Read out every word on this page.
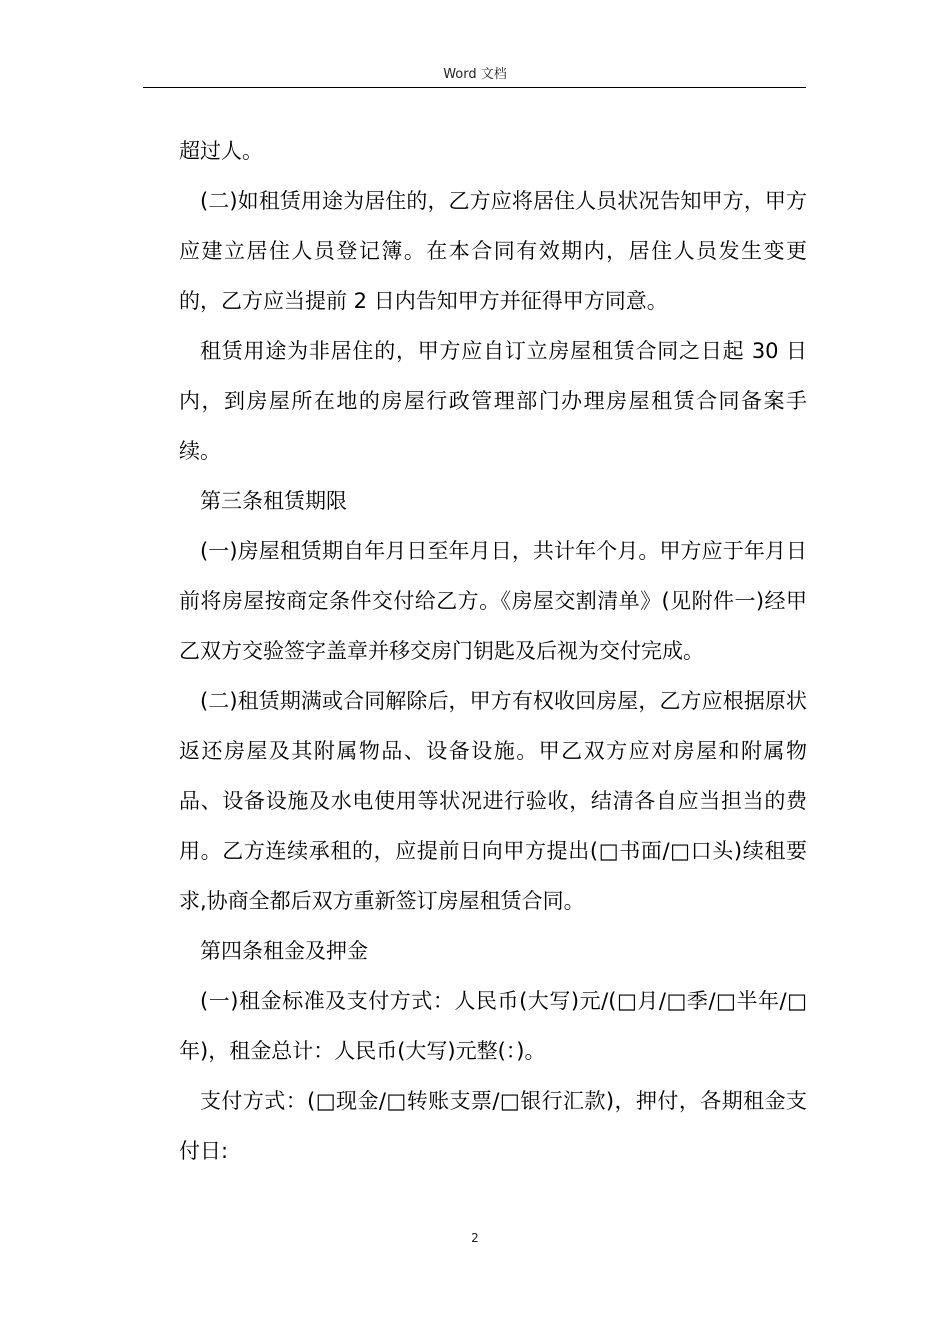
Word 文档

超过人。

(二)如租赁用途为居住的，乙方应将居住人员状况告知甲方，甲方应建立居住人员登记簿。在本合同有效期内，居住人员发生变更的，乙方应当提前 2 日内告知甲方并征得甲方同意。

租赁用途为非居住的，甲方应自订立房屋租赁合同之日起 30 日内，到房屋所在地的房屋行政管理部门办理房屋租赁合同备案手续。

第三条租赁期限

(一)房屋租赁期自年月日至年月日，共计年个月。甲方应于年月日前将房屋按商定条件交付给乙方。《房屋交割清单》(见附件一)经甲乙双方交验签字盖章并移交房门钥匙及后视为交付完成。

(二)租赁期满或合同解除后，甲方有权收回房屋，乙方应根据原状返还房屋及其附属物品、设备设施。甲乙双方应对房屋和附属物品、设备设施及水电使用等状况进行验收，结清各自应当担当的费用。乙方连续承租的，应提前日向甲方提出(□书面/□口头)续租要求,协商全都后双方重新签订房屋租赁合同。

第四条租金及押金

(一)租金标准及支付方式：人民币(大写)元/(□月/□季/□半年/□年)，租金总计：人民币(大写)元整(：)。

支付方式：(□现金/□转账支票/□银行汇款)，押付，各期租金支付日:

2
